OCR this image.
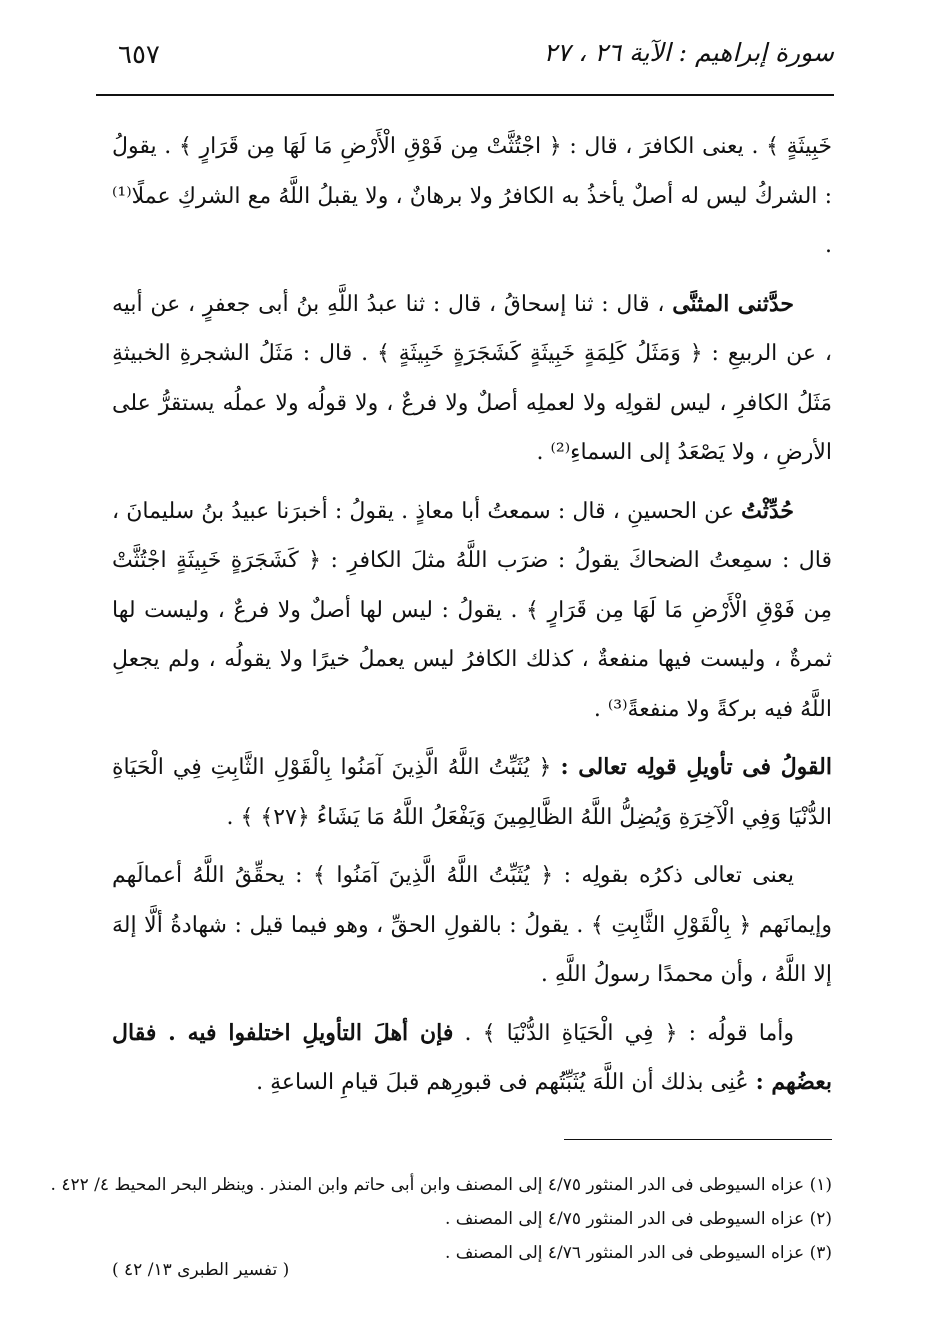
٦٥٧	سورة إبراهيم : الآية ٢٦ ، ٢٧

خَبِيثَةٍ ﴾ . يعنى الكافرَ ، قال : ﴿ اجْتُثَّتْ مِن فَوْقِ الْأَرْضِ مَا لَهَا مِن قَرَارٍ ﴾ . يقولُ : الشركُ ليس له أصلٌ يأخذُ به الكافرُ ولا برهانٌ ، ولا يقبلُ اللَّهُ مع الشركِ عملًا⁽¹⁾ .

حدَّثنى المثنَّى ، قال : ثنا إسحاقُ ، قال : ثنا عبدُ اللَّهِ بنُ أبى جعفرٍ ، عن أبيه ، عن الربيعِ : ﴿ وَمَثَلُ كَلِمَةٍ خَبِيثَةٍ كَشَجَرَةٍ خَبِيثَةٍ ﴾ . قال : مَثَلُ الشجرةِ الخبيثةِ مَثَلُ الكافرِ ، ليس لقولِه ولا لعملِه أصلٌ ولا فرعٌ ، ولا قولُه ولا عملُه يستقرُّ على الأرضِ ، ولا يَصْعَدُ إلى السماءِ⁽²⁾ .

حُدِّثْتُ عن الحسينِ ، قال : سمعتُ أبا معاذٍ . يقولُ : أخبرَنا عبيدُ بنُ سليمانَ ، قال : سمِعتُ الضحاكَ يقولُ : ضرَب اللَّهُ مثلَ الكافرِ : ﴿ كَشَجَرَةٍ خَبِيثَةٍ اجْتُثَّتْ مِن فَوْقِ الْأَرْضِ مَا لَهَا مِن قَرَارٍ ﴾ . يقولُ : ليس لها أصلٌ ولا فرعٌ ، وليست لها ثمرةٌ ، وليست فيها منفعةٌ ، كذلك الكافرُ ليس يعملُ خيرًا ولا يقولُه ، ولم يجعلِ اللَّهُ فيه بركةً ولا منفعةً⁽³⁾ .

القولُ فى تأويلِ قولِه تعالى : ﴿ يُثَبِّتُ اللَّهُ الَّذِينَ آمَنُوا بِالْقَوْلِ الثَّابِتِ فِي الْحَيَاةِ الدُّنْيَا وَفِي الْآخِرَةِ وَيُضِلُّ اللَّهُ الظَّالِمِينَ وَيَفْعَلُ اللَّهُ مَا يَشَاءُ ﴿٢٧﴾ ﴾ .

يعنى تعالى ذكرُه بقولِه : ﴿ يُثَبِّتُ اللَّهُ الَّذِينَ آمَنُوا ﴾ : يحقِّقُ اللَّهُ أعمالَهم وإيمانَهم ﴿ بِالْقَوْلِ الثَّابِتِ ﴾ . يقولُ : بالقولِ الحقِّ ، وهو فيما قيل : شهادةُ ألَّا إلهَ إلا اللَّهُ ، وأن محمدًا رسولُ اللَّهِ .

وأما قولُه : ﴿ فِي الْحَيَاةِ الدُّنْيَا ﴾ . فإن أهلَ التأويلِ اختلفوا فيه . فقال بعضُهم : عُنِى بذلك أن اللَّهَ يُثَبِّتُهم فى قبورِهم قبلَ قيامِ الساعةِ .

(١) عزاه السيوطى فى الدر المنثور ٤/٧٥ إلى المصنف وابن أبى حاتم وابن المنذر . وينظر البحر المحيط ٤/ ٤٢٢ .
(٢) عزاه السيوطى فى الدر المنثور ٤/٧٥ إلى المصنف .
(٣) عزاه السيوطى فى الدر المنثور ٤/٧٦ إلى المصنف .
( تفسير الطبرى ١٣/ ٤٢ )
